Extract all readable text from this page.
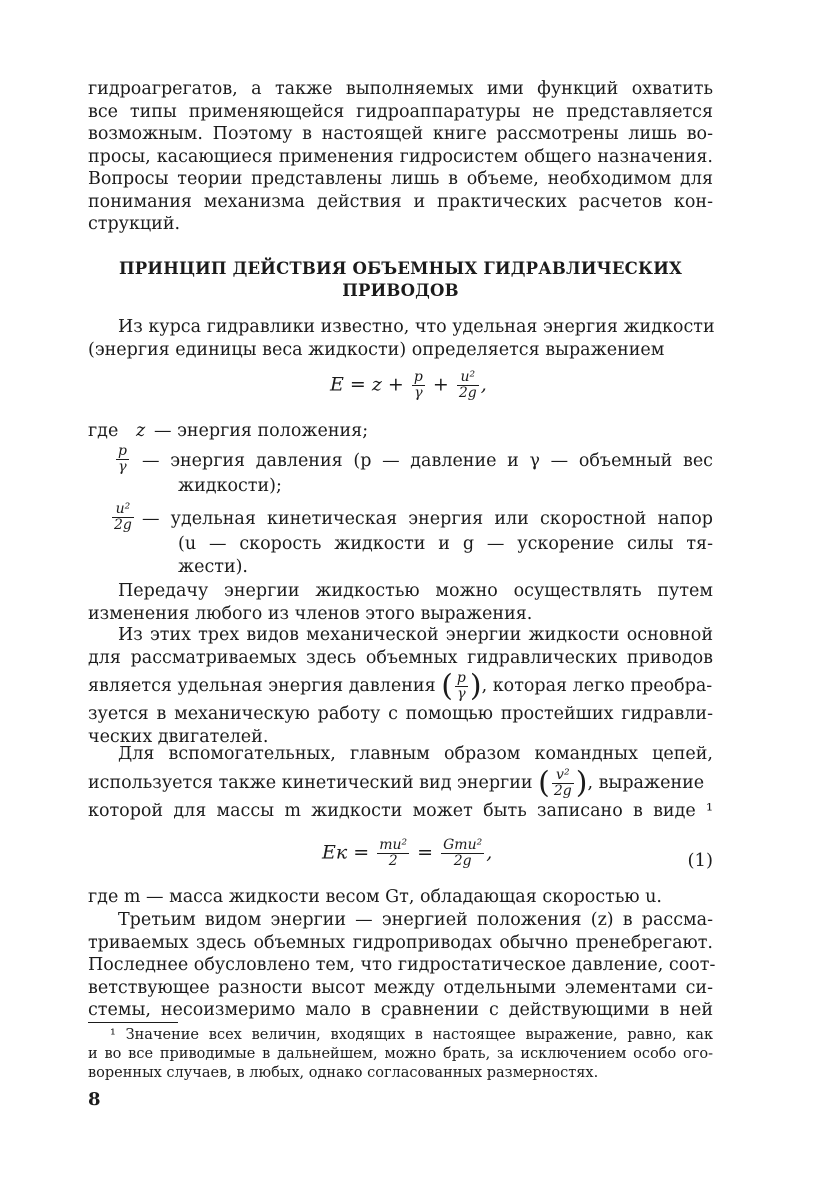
гидроагрегатов, а также выполняемых ими функций охватить
все типы применяющейся гидроаппаратуры не представляется
возможным. Поэтому в настоящей книге рассмотрены лишь во-
просы, касающиеся применения гидросистем общего назначения.
Вопросы теории представлены лишь в объеме, необходимом для
понимания механизма действия и практических расчетов кон-
струкций.
ПРИНЦИП ДЕЙСТВИЯ ОБЪЕМНЫХ ГИДРАВЛИЧЕСКИХ
ПРИВОДОВ
Из курса гидравлики известно, что удельная энергия жидкости
(энергия единицы веса жидкости) определяется выражением
$E = z + \frac{p}{\gamma} + \frac{\text{u²}}{2g}$ ,
где z — энергия положения;
$\frac{p}{\gamma}$ — энергия давления (p — давление и γ — объемный вес
жидкости);
$\frac{\text{u²}}{2g}$ — удельная кинетическая энергия или скоростной напор
(u — скорость жидкости и g — ускорение силы тя-
жести).
Передачу энергии жидкостью можно осуществлять путем
изменения любого из членов этого выражения.
Из этих трех видов механической энергии жидкости основной
для рассматриваемых здесь объемных гидравлических приводов
является удельная энергия давления ( $\frac{p}{\gamma}$ ), которая легко преобра-
зуется в механическую работу с помощью простейших гидравли-
ческих двигателей.
Для вспомогательных, главным образом командных цепей,
используется также кинетический вид энергии ( $\frac{\text{v²}}{2g}$ ), выражение
которой для массы m жидкости может быть записано в виде ¹
Eк = $\frac{\text{mu²}}{2} = \frac{\text{Gтu²}}{2g}$ ,	(1)
где m — масса жидкости весом Gт, обладающая скоростью u.
Третьим видом энергии — энергией положения (z) в рассма-
триваемых здесь объемных гидроприводах обычно пренебрегают.
Последнее обусловлено тем, что гидростатическое давление, соот-
ветствующее разности высот между отдельными элементами си-
стемы, несоизмеримо мало в сравнении с действующими в ней
¹ Значение всех величин, входящих в настоящее выражение, равно, как
и во все приводимые в дальнейшем, можно брать, за исключением особо ого-
воренных случаев, в любых, однако согласованных размерностях.
8
